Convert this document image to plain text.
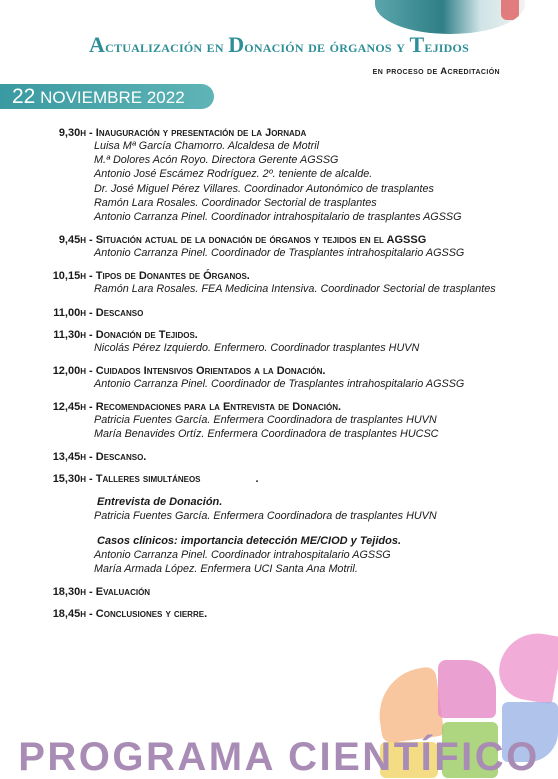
Actualización en Donación de órganos y Tejidos
en proceso de Acreditación
22 NOVIEMBRE 2022
9,30h - Inauguración y presentación de la Jornada
Luisa Mª García Chamorro. Alcaldesa de Motril
M.ª Dolores Acón Royo. Directora Gerente AGSSG
Antonio José Escámez Rodríguez. 2º. teniente de alcalde.
Dr. José Miguel Pérez Villares. Coordinador Autonómico de trasplantes
Ramón Lara Rosales. Coordinador Sectorial de trasplantes
Antonio Carranza Pinel. Coordinador intrahospitalario de trasplantes AGSSG
9,45h - Situación actual de la donación de órganos y tejidos en el AGSSG
Antonio Carranza Pinel. Coordinador de Trasplantes intrahospitalario AGSSG
10,15h - Tipos de Donantes de Órganos.
Ramón Lara Rosales. FEA Medicina Intensiva. Coordinador Sectorial de trasplantes
11,00h - Descanso
11,30h - Donación de Tejidos.
Nicolás Pérez Izquierdo. Enfermero. Coordinador trasplantes HUVN
12,00h - Cuidados Intensivos Orientados a la Donación.
Antonio Carranza Pinel. Coordinador de Trasplantes intrahospitalario AGSSG
12,45h - Recomendaciones para la Entrevista de Donación.
Patricia Fuentes García. Enfermera Coordinadora de trasplantes HUVN
María Benavides Ortíz. Enfermera Coordinadora de trasplantes HUCSC
13,45h - Descanso.
15,30h - Talleres simultáneos	.
Entrevista de Donación.
Patricia Fuentes García. Enfermera Coordinadora de trasplantes HUVN
Casos clínicos: importancia detección ME/CIOD y Tejidos.
Antonio Carranza Pinel. Coordinador intrahospitalario AGSSG
María Armada López. Enfermera UCI Santa Ana Motril.
18,30h - Evaluación
18,45h - Conclusiones y cierre.
PROGRAMA CIENTÍFICO
